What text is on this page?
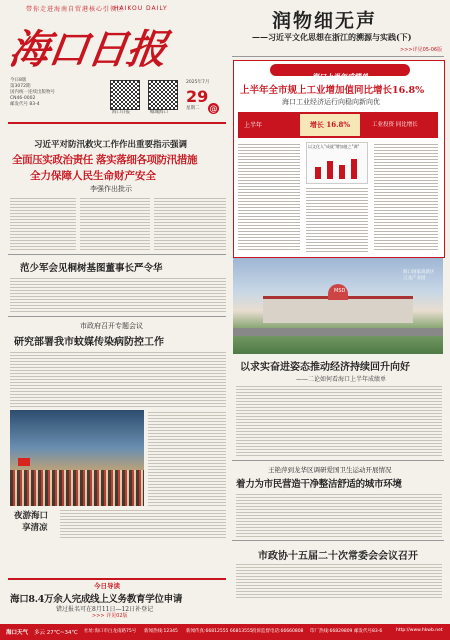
带你走进海南自贸港核心引领区
HAIKOU DAILY
海口日报
今日8版
第3072期
国内统一连续出版物号
CN46-0002
邮发代号 83-4
海口日报	椰城海口
2025年7月
29
星期二 @
润物细无声
——习近平文化思想在浙江的溯源与实践(下)
>>>详见05-06版
海口上半年成绩单
上半年全市规上工业增加值同比增长16.8%
海口工业经济运行向稳向新向优
上半年	增长 16.8%	工业投资 同比增长
以文化人"成就"增加值之"调"
MSD
海口国家高新区 云龙产业园
以求实奋进姿态推动经济持续回升向好
——二论如何看海口上半年成绩单
习近平对防汛救灾工作作出重要指示强调
全面压实政治责任 落实落细各项防汛措施
全力保障人民生命财产安全
李强作出批示
范少军会见桐树基图董事长严令华
市政府召开专题会议
研究部署我市蚊媒传染病防控工作
夜游海口
享清凉
王艳萍到龙华区调研爱国卫生运动开展情况
着力为市民营造干净整洁舒适的城市环境
市政协十五届二十次常委会会议召开
今日导读
海口8.4万余人完成线上义务教育学位申请
错过报名可在8月11日—12日补登记
>>> 详见02版
海口天气 多云 27℃~34℃ 社址:海口市白龙南路75号 新闻热线:12345 新闻传真:66812555 66813555 投诉监督电话:66660808 印厂热线:66829809 邮发代号83-6	http://www.hkwb.net
